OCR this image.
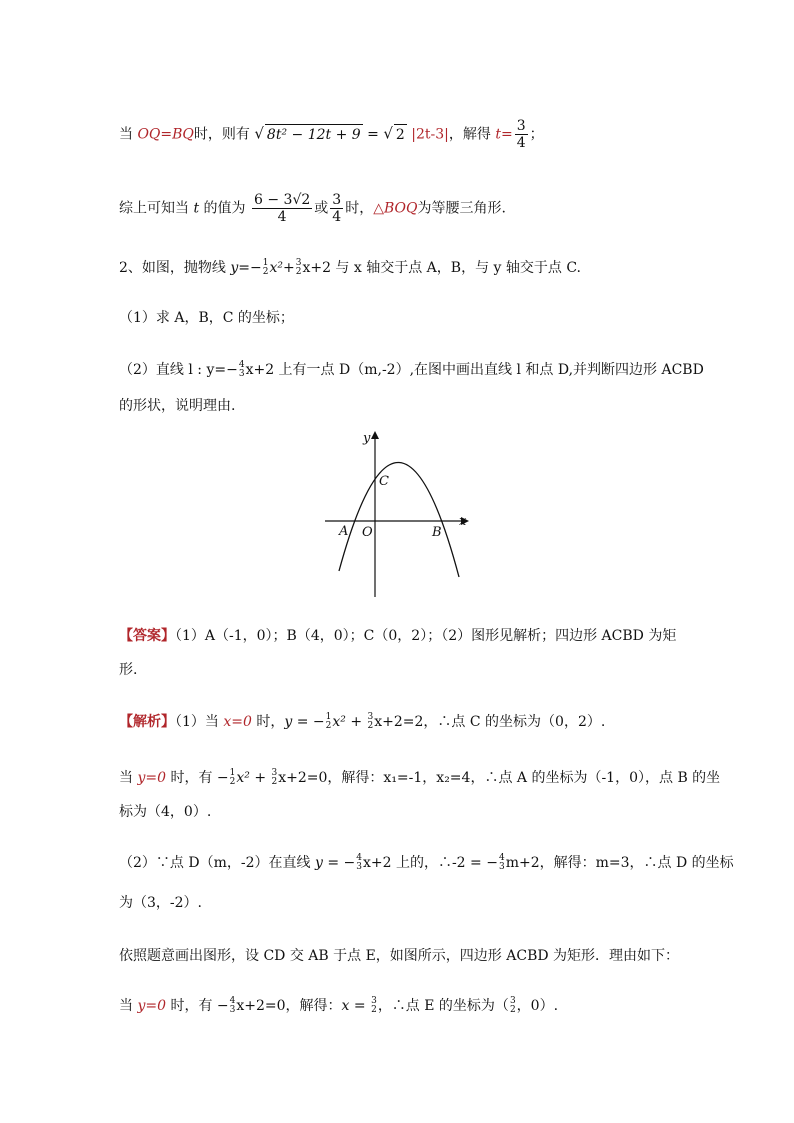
当 OQ=BQ时，则有 √ 8t² − 12t + 9 = √ 2 |2t-3|，解得 $t= \frac{3}{4}$ ；
综上可知当 t 的值为 $\frac{6 - 3√2}{4}$ 或 $\frac{3}{4}$ 时，△BOQ为等腰三角形.
2、如图，抛物线 y=− 1
2 x²+ 3
2 x+2 与 x 轴交于点 A，B，与 y 轴交于点 C.
（1）求 A，B，C 的坐标；
（2）直线 l : y=− 4
3 x+2 上有一点 D（m,-2）,在图中画出直线 l 和点 D,并判断四边形 ACBD
的形状，说明理由.
x
y
A O	B
C
【答案】（1）A（-1，0）；B（4，0）；C（0，2）；（2）图形见解析；四边形 ACBD 为矩
形.
【解析】（1）当 x=0 时，y = − 1
2 x² + 3
2 x+2=2，∴点 C 的坐标为（0，2）.
当 y=0 时，有 − 1
2 x² + 3
2 x+2=0，解得：x₁=-1，x₂=4，∴点 A 的坐标为（-1，0），点 B 的坐
标为（4，0）.
（2）∵点 D（m，-2）在直线 y = − 4
3 x+2 上的，∴-2 = − 4
3 m+2，解得：m=3，∴点 D 的坐标
为（3，-2）.
依照题意画出图形，设 CD 交 AB 于点 E，如图所示，四边形 ACBD 为矩形．理由如下：
当 y=0 时，有 − 4
3 x+2=0，解得：x = 3
2 ，∴点 E 的坐标为（ 3
2 ，0）.
